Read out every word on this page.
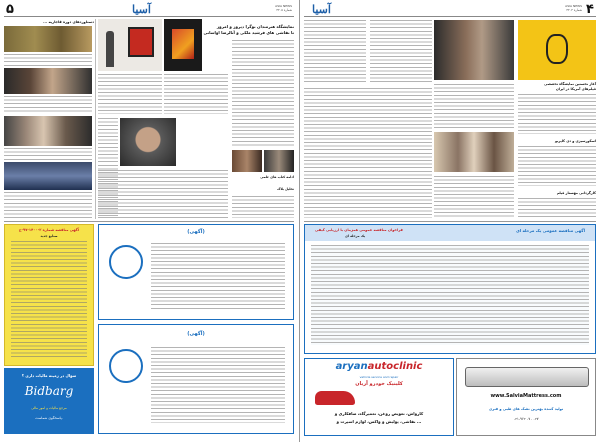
۵	آسیا	ASIA NEWS
شماره ۴۳۰۵
ASIA NEWS
شماره ۴۳۰۴
آسیا	۴
دستاوردهای دوره قاجاریه ...
نمایشگاه هنرمندان نوگرا دیروز و امروز
تا نقاشی های فرشید ملکی و آنالرضا اواسانی
ادامه کتاب های علمی
تحلیل بلاک
آگهی مناقصه شماره ۲-۱۴۰۰-۹۷-ح
صنایع جدید
(آگهی)
(آگهی)
سوال در زمینه مالیات داری ؟
Bidbarg
مرجع مالیات و امور مالی
پاسخگوی شماست.
آغاز نخستین نمایشگاه تخصصی
فیلم‌های آمریکا در ایران
اسکورسیزی و دی کاپریو
کارگردانی مهستار فیلم
آگهی مناقصه عمومی یک مرحله ای
فراخوان مناقصه عمومی همزمان با ارزیابی کیفی
یک مرحله ای
aryanautoclinic
vehicle service and repair
کلینیک خودرو آریان
کارواش، تعویض روغن، تعمیرگاه، صافکاری و
نقاشی، پولیش و واکس، لوازم اسپرت و ...
www.SalviaMattress.com
تولید کننده بهترین تشک های طبی و فنری
۰۲۱-۹۶۲ ۰۷۰ ۰۲۷
